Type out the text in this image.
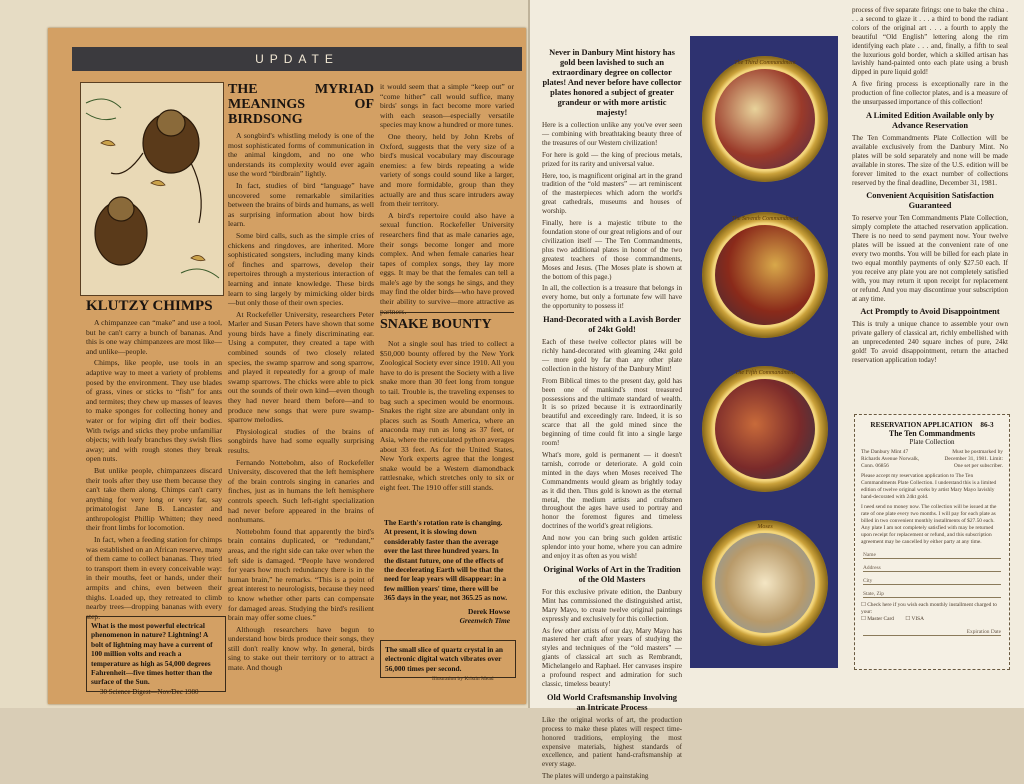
UPDATE
KLUTZY CHIMPS

A chimpanzee can “make” and use a tool, but he can't carry a bunch of bananas. And this is one way chimpanzees are most like—and unlike—people.

Chimps, like people, use tools in an adaptive way to meet a variety of problems posed by the environment. They use blades of grass, vines or sticks to “fish” for ants and termites; they chew up masses of leaves to make sponges for collecting honey and water or for wiping dirt off their bodies. With twigs and sticks they probe unfamiliar objects; with leafy branches they swish flies away; and with rough stones they break open nuts.

But unlike people, chimpanzees discard their tools after they use them because they can't take them along. Chimps can't carry anything for very long or very far, say primatologist Jane B. Lancaster and anthropologist Phillip Whitten; they need their front limbs for locomotion.

In fact, when a feeding station for chimps was established on an African reserve, many of them came to collect bananas. They tried to transport them in every conceivable way: in their mouths, feet or hands, under their armpits and chins, even between their thighs. Loaded up, they retreated to climb nearby trees—dropping bananas with every step.

What is the most powerful electrical phenomenon in nature? Lightning! A bolt of lightning may have a current of 100 million volts and reach a temperature as high as 54,000 degrees Fahrenheit—five times hotter than the surface of the Sun.
THE MYRIAD MEANINGS OF BIRDSONG

A songbird's whistling melody is one of the most sophisticated forms of communication in the animal kingdom, and no one who understands its complexity would ever again use the word “birdbrain” lightly.

In fact, studies of bird “language” have uncovered some remarkable similarities between the brains of birds and humans, as well as surprising information about how birds learn.

Some bird calls, such as the simple cries of chickens and ringdoves, are inherited. More sophisticated songsters, including many kinds of finches and sparrows, develop their repertoires through a mysterious interaction of learning and innate knowledge. These birds learn to sing largely by mimicking older birds—but only those of their own species.

At Rockefeller University, researchers Peter Marler and Susan Peters have shown that some young birds have a finely discriminating ear. Using a computer, they created a tape with combined sounds of two closely related species, the swamp sparrow and song sparrow, and played it repeatedly for a group of male swamp sparrows. The chicks were able to pick out the sounds of their own kind—even though they had never heard them before—and to produce new songs that were pure swamp-sparrow melodies.

Physiological studies of the brains of songbirds have had some equally surprising results.

Fernando Nottebohm, also of Rockefeller University, discovered that the left hemisphere of the brain controls singing in canaries and finches, just as in humans the left hemisphere controls speech. Such left-right specialization had never before appeared in the brains of nonhumans.

Nottebohm found that apparently the bird's brain contains duplicated, or “redundant,” areas, and the right side can take over when the left side is damaged. “People have wondered for years how much redundancy there is in the human brain,” he remarks. “This is a point of great interest to neurologists, because they need to know whether other parts can compensate for damaged areas. Studying the bird's resilient brain may offer some clues.”

Although researchers have begun to understand how birds produce their songs, they still don't really know why. In general, birds sing to stake out their territory or to attract a mate. And though

it would seem that a simple “keep out” or “come hither” call would suffice, many birds' songs in fact become more varied with each season—especially versatile species may know a hundred or more tunes.

One theory, held by John Krebs of Oxford, suggests that the very size of a bird's musical vocabulary may discourage enemies: a few birds repeating a wide variety of songs could sound like a larger, and more formidable, group than they actually are and thus scare intruders away from their territory.

A bird's repertoire could also have a sexual function. Rockefeller University researchers find that as male canaries age, their songs become longer and more complex. And when female canaries hear tapes of complex songs, they lay more eggs. It may be that the females can tell a male's age by the songs he sings, and they may find the older birds—who have proved their ability to survive—more attractive as partners.

SNAKE BOUNTY

Not a single soul has tried to collect a $50,000 bounty offered by the New York Zoological Society ever since 1910. All you have to do is present the Society with a live snake more than 30 feet long from tongue to tail. Trouble is, the traveling expenses to bag such a specimen would be enormous. Snakes the right size are abundant only in places such as South America, where an anaconda may run as long as 37 feet, or Asia, where the reticulated python averages about 33 feet. As for the United States, New York experts agree that the longest snake would be a Western diamondback rattlesnake, which stretches only to six or eight feet. The 1910 offer still stands.

The Earth's rotation rate is changing. At present, it is slowing down considerably faster than the average over the last three hundred years. In the distant future, one of the effects of the decelerating Earth will be that the need for leap years will disappear: in a few million years' time, there will be 365 days in the year, not 365.25 as now.
Derek Howse
Greenwich Time
The small slice of quartz crystal in an electronic digital watch vibrates over 56,000 times per second.
Illustration by Kristin Mead
30 Science Digest—Nov/Dec 1980
Never in Danbury Mint history has gold been lavished to such an extraordinary degree on collector plates! And never before have collector plates honored a subject of greater grandeur or with more artistic majesty!

Here is a collection unlike any you've ever seen — combining with breathtaking beauty three of the treasures of our Western civilization!

For here is gold — the king of precious metals, prized for its rarity and universal value.

Here, too, is magnificent original art in the grand tradition of the “old masters” — art reminiscent of the masterpieces which adorn the world's great cathedrals, museums and houses of worship.

Finally, here is a majestic tribute to the foundation stone of our great religions and of our civilization itself — The Ten Commandments, plus two additional plates in honor of the two greatest teachers of those commandments, Moses and Jesus. (The Moses plate is shown at the bottom of this page.)

In all, the collection is a treasure that belongs in every home, but only a fortunate few will have the opportunity to possess it!

Hand-Decorated with a Lavish Border of 24kt Gold!

Each of these twelve collector plates will be richly hand-decorated with gleaming 24kt gold — more gold by far than any other plate collection in the history of the Danbury Mint!

From Biblical times to the present day, gold has been one of mankind's most treasured possessions and the ultimate standard of wealth. It is so prized because it is extraordinarily beautiful and exceedingly rare. Indeed, it is so scarce that all the gold mined since the beginning of time could fit into a single large room!

What's more, gold is permanent — it doesn't tarnish, corrode or deteriorate. A gold coin minted in the days when Moses received The Commandments would gleam as brightly today as it did then. Thus gold is known as the eternal metal, the medium artists and craftsmen throughout the ages have used to portray and honor the foremost figures and timeless doctrines of the world's great religions.

And now you can bring such golden artistic splendor into your home, where you can admire and enjoy it as often as you wish!

Original Works of Art in the Tradition of the Old Masters

For this exclusive private edition, the Danbury Mint has commissioned the distinguished artist, Mary Mayo, to create twelve original paintings expressly and exclusively for this collection.

As few other artists of our day, Mary Mayo has mastered her craft after years of studying the styles and techniques of the “old masters” — giants of classical art such as Rembrandt, Michelangelo and Raphael. Her canvases inspire a profound respect and admiration for such classic, timeless beauty!

Old World Craftsmanship Involving an Intricate Process

Like the original works of art, the production process to make these plates will respect time-honored traditions, employing the most expensive materials, highest standards of excellence, and patient hand-craftsmanship at every stage.

The plates will undergo a painstaking

The Third Commandment
The Seventh Commandment
The Fifth Commandment
Moses

process of five separate firings: one to bake the china . . . a second to glaze it . . . a third to bond the radiant colors of the original art . . . a fourth to apply the beautiful “Old English” lettering along the rim identifying each plate . . . and, finally, a fifth to seal the luxurious gold border, which a skilled artisan has lavishly hand-painted onto each plate using a brush dipped in pure liquid gold!

A five firing process is exceptionally rare in the production of fine collector plates, and is a measure of the unsurpassed importance of this collection!

A Limited Edition Available only by Advance Reservation

The Ten Commandments Plate Collection will be available exclusively from the Danbury Mint. No plates will be sold separately and none will be made available in stores. The size of the U.S. edition will be forever limited to the exact number of collections reserved by the final deadline, December 31, 1981.

Convenient Acquisition Satisfaction Guaranteed

To reserve your Ten Commandments Plate Collection, simply complete the attached reservation application. There is no need to send payment now. Your twelve plates will be issued at the convenient rate of one every two months. You will be billed for each plate in two equal monthly payments of only $27.50 each. If you receive any plate you are not completely satisfied with, you may return it upon receipt for replacement or refund. And you may discontinue your subscription at any time.

Act Promptly to Avoid Disappointment

This is truly a unique chance to assemble your own private gallery of classical art, richly embellished with an unprecedented 240 square inches of pure, 24kt gold! To avoid disappointment, return the attached reservation application today!

RESERVATION APPLICATION 86-3
The Ten Commandments
Plate Collection
The Danbury Mint 47 Richards Avenue Norwalk, Conn. 06856
Must be postmarked by December 31, 1981. Limit: One set per subscriber.
Please accept my reservation application to The Ten Commandments Plate Collection. I understand this is a limited edition of twelve original works by artist Mary Mayo lavishly hand-decorated with 24kt gold.
I need send no money now. The collection will be issued at the rate of one plate every two months. I will pay for each plate as billed in two convenient monthly installments of $27.50 each. Any plate I am not completely satisfied with may be returned upon receipt for replacement or refund, and this subscription agreement may be cancelled by either party at any time.
Name
Address
City
State, Zip
☐ Check here if you wish each monthly installment charged to your:
☐ Master Card ☐ VISA
Expiration Date
